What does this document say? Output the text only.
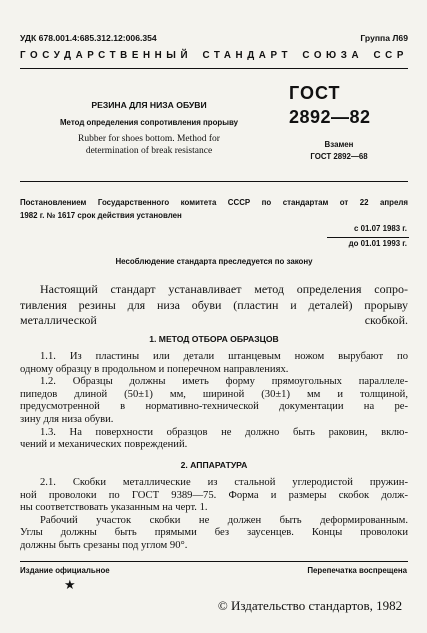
УДК 678.001.4:685.312.12:006.354	Группа Л69
ГОСУДАРСТВЕННЫЙ СТАНДАРТ СОЮЗА ССР
РЕЗИНА ДЛЯ НИЗА ОБУВИ
Метод определения сопротивления прорыву
Rubber for shoes bottom. Method for
determination of break resistance
ГОСТ
2892—82
Взамен
ГОСТ 2892—68
Постановлением Государственного комитета СССР по стандартам от 22 апреля
1982 г. № 1617 срок действия установлен
с 01.07 1983 г.
до 01.01 1993 г.
Несоблюдение стандарта преследуется по закону
Настоящий стандарт устанавливает метод определения сопро-
тивления резины для низа обуви (пластин и деталей) прорыву
металлической скобкой.
1. МЕТОД ОТБОРА ОБРАЗЦОВ
1.1. Из пластины или детали штанцевым ножом вырубают по
одному образцу в продольном и поперечном направлениях.
1.2. Образцы должны иметь форму прямоугольных параллеле-
пипедов длиной (50±1) мм, шириной (30±1) мм и толщиной,
предусмотренной в нормативно-технической документации на ре-
зину для низа обуви.
1.3. На поверхности образцов не должно быть раковин, вклю-
чений и механических повреждений.
2. АППАРАТУРА
2.1. Скобки металлические из стальной углеродистой пружин-
ной проволоки по ГОСТ 9389—75. Форма и размеры скобок долж-
ны соответствовать указанным на черт. 1.
Рабочий участок скобки не должен быть деформированным.
Углы должны быть прямыми без заусенцев. Концы проволоки
должны быть срезаны под углом 90°.
Издание официальное	Перепечатка воспрещена
★
© Издательство стандартов, 1982
